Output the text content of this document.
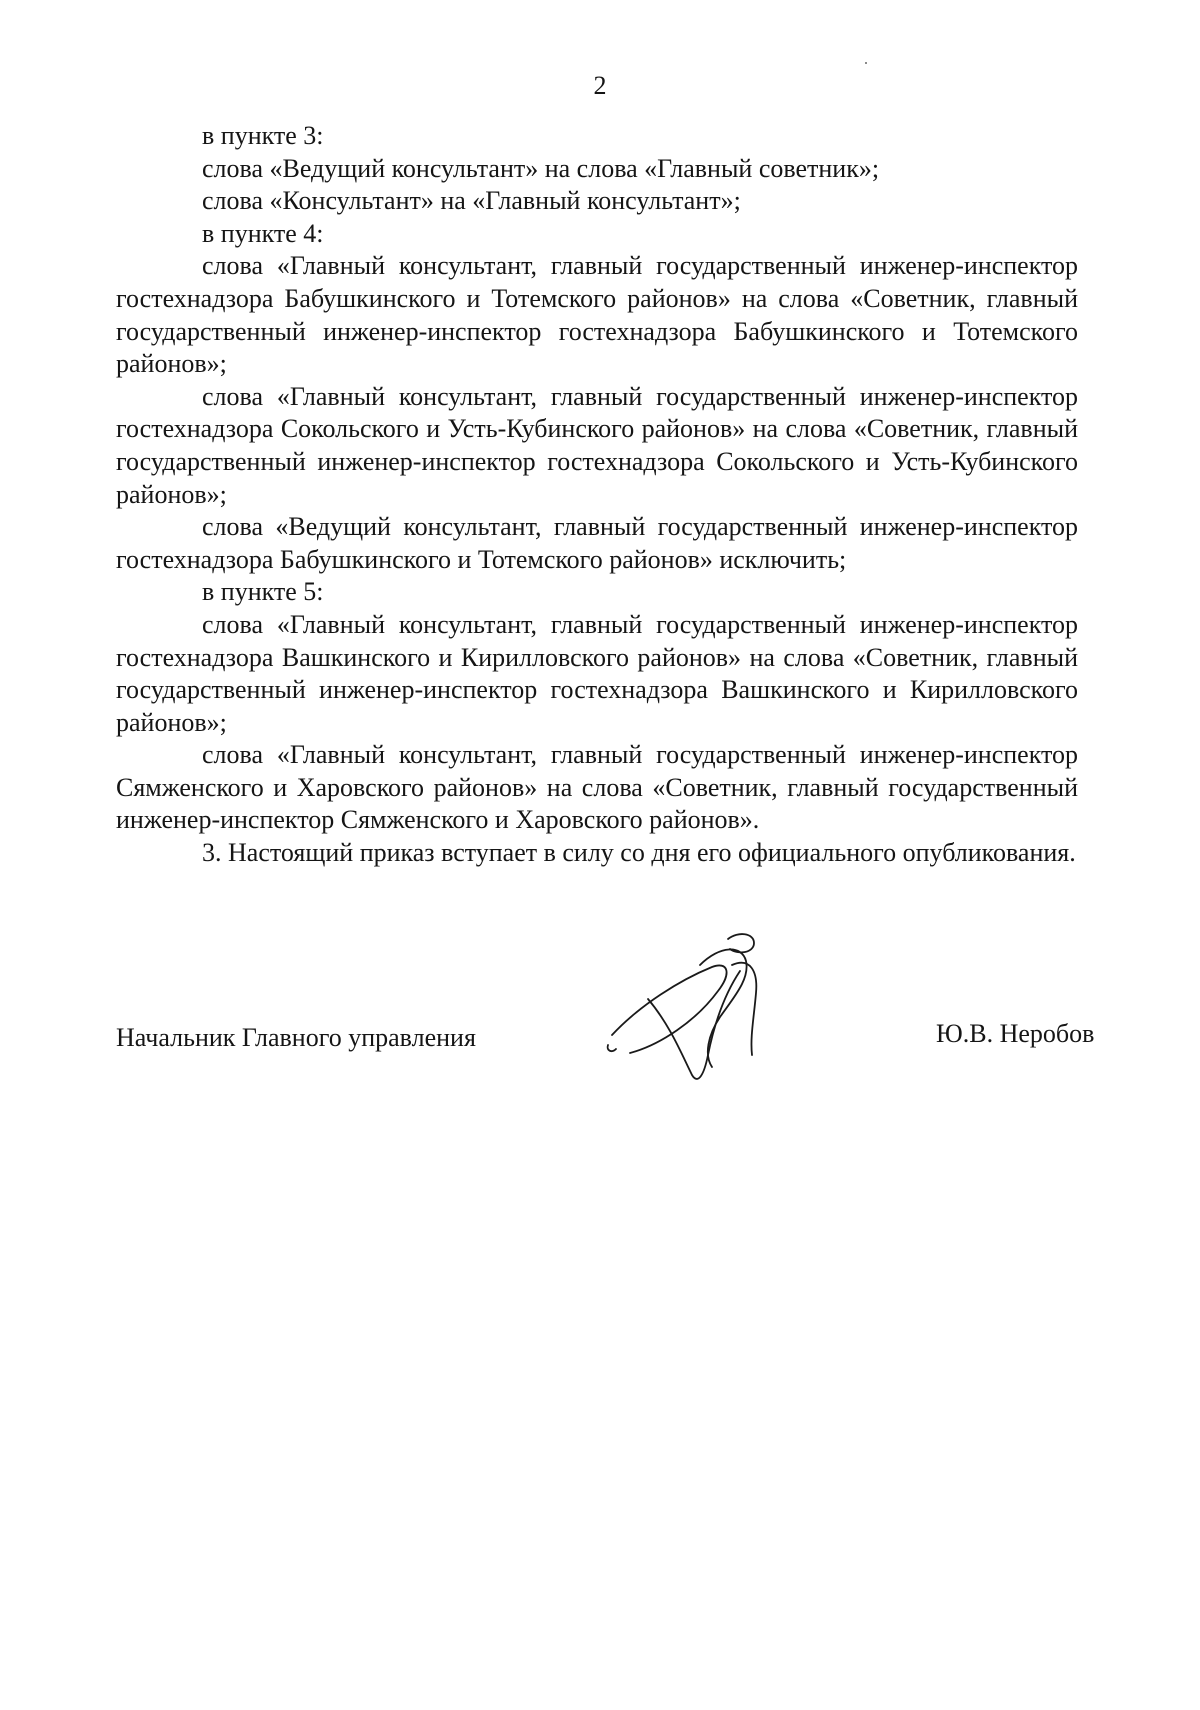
2

в пункте 3:

слова «Ведущий консультант» на слова «Главный советник»;

слова «Консультант» на «Главный консультант»;

в пункте 4:

слова «Главный консультант, главный государственный инженер-инспектор гостехнадзора Бабушкинского и Тотемского районов» на слова «Советник, главный государственный инженер-инспектор гостехнадзора Бабушкинского и Тотемского районов»;

слова «Главный консультант, главный государственный инженер-инспектор гостехнадзора Сокольского и Усть-Кубинского районов» на слова «Советник, главный государственный инженер-инспектор гостехнадзора Сокольского и Усть-Кубинского районов»;

слова «Ведущий консультант, главный государственный инженер-инспектор гостехнадзора Бабушкинского и Тотемского районов» исключить;

в пункте 5:

слова «Главный консультант, главный государственный инженер-инспектор гостехнадзора Вашкинского и Кирилловского районов» на слова «Советник, главный государственный инженер-инспектор гостехнадзора Вашкинского и Кирилловского районов»;

слова «Главный консультант, главный государственный инженер-инспектор Сямженского и Харовского районов» на слова «Советник, главный государственный инженер-инспектор Сямженского и Харовского районов».

3. Настоящий приказ вступает в силу со дня его официального опубликования.

Начальник Главного управления	Ю.В. Неробов
